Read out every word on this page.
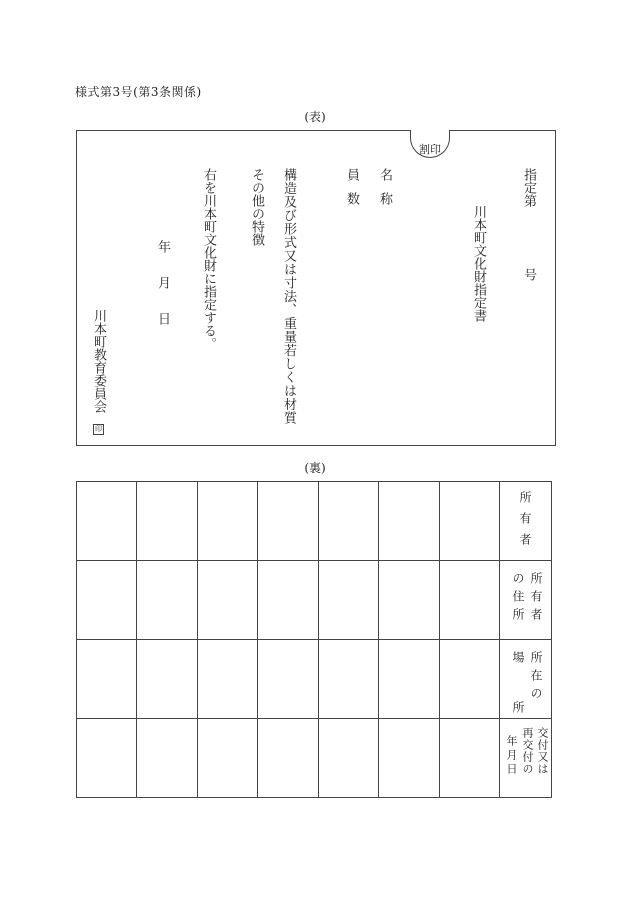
様式第3号(第3条関係)
(表)
割印
指定第
号
川本町文化財指定書
名
称
員
数
構造及び形式又は寸法、重量若しくは材質
その他の特徴
右を川本町文化財に指定する。
年
月
日
川本町教育委員会
印
(裏)

							所有者

							所有者
の住所

							所在の
場所

							交付又は
再交付の
年月日
